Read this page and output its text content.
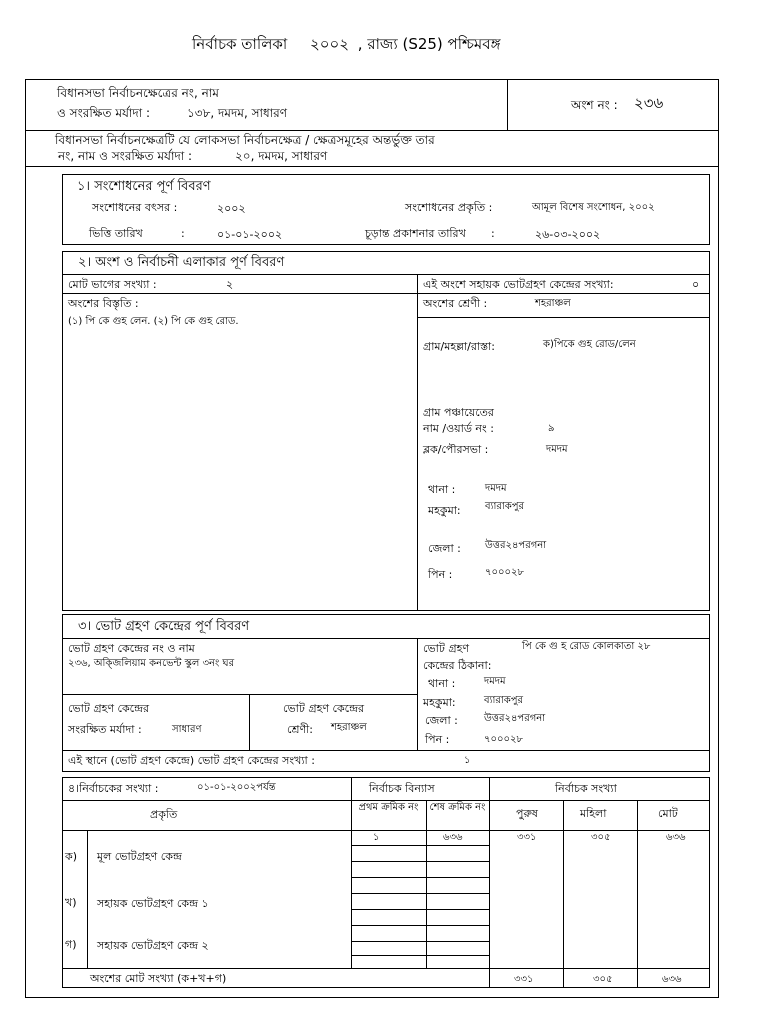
নির্বাচক তালিকা ২০০২ , রাজ্য (S25) পশ্চিমবঙ্গ
বিধানসভা নির্বাচনক্ষেত্রের নং, নাম
ও সংরক্ষিত মর্যাদা :	১৩৮, দমদম, সাধারণ
অংশ নং : ২৩৬
বিধানসভা নির্বাচনক্ষেত্রটি যে লোকসভা নির্বাচনক্ষেত্র / ক্ষেত্রসমূহের অন্তর্ভুক্ত তার
নং, নাম ও সংরক্ষিত মর্যাদা :	২০, দমদম, সাধারণ
১। সংশোধনের পূর্ণ বিবরণ
সংশোধনের বৎসর :	২০০২	সংশোধনের প্রকৃতি :	আমূল বিশেষ সংশোধন, ২০০২
ভিত্তি তারিখ	:	০১-০১-২০০২	চূড়ান্ত প্রকাশনার তারিখ :	২৬-০৩-২০০২
২। অংশ ও নির্বাচনী এলাকার পূর্ণ বিবরণ
মোট ভাগের সংখ্যা :	২	এই অংশে সহায়ক ভোটগ্রহণ কেন্দ্রের সংখ্যা:	০
অংশের বিস্তৃতি :
(১) পি কে গুহ লেন. (২) পি কে গুহ রোড.
অংশের শ্রেণী :	শহরাঞ্চল
গ্রাম/মহল্লা/রাস্তা:	ক)পিকে গুহ রোড/লেন
গ্রাম পঞ্চায়েতের
নাম /ওয়ার্ড নং :	৯
ব্লক/পৌরসভা :	দমদম
থানা :	দমদম
মহকুমা: ব্যারাকপুর
জেলা : উত্তর২৪পরগনা
পিন :	৭০০০২৮
৩। ভোট গ্রহণ কেন্দ্রের পূর্ণ বিবরণ
ভোট গ্রহণ কেন্দ্রের নং ও নাম
২৩৬, অক্জিলিয়াম কনভেন্ট স্কুল ৩নং ঘর
ভোট গ্রহণ
কেন্দ্রের ঠিকানা:
পি কে গু হ রোড কোলকাতা ২৮
থানা :	দমদম
মহকুমা:	ব্যারাকপুর
জেলা :	উত্তর২৪পরগনা
পিন :	৭০০০২৮
ভোট গ্রহণ কেন্দ্রের
সংরক্ষিত মর্যাদা :	সাধারণ
ভোট গ্রহণ কেন্দ্রের
শ্রেণী: শহরাঞ্চল
এই স্থানে (ভোট গ্রহণ কেন্দ্রে) ভোট গ্রহণ কেন্দ্রের সংখ্যা :	১
৪।নির্বাচকের সংখ্যা :	০১-০১-২০০২পর্যন্ত	নির্বাচক বিন্যাস	নির্বাচক সংখ্যা
প্রকৃতি
প্রথম ক্রমিক নং	শেষ ক্রমিক নং	পুরুষ	মহিলা	মোট
ক) মূল ভোটগ্রহণ কেন্দ্র
১	৬৩৬	৩৩১	৩০৫	৬৩৬
খ) সহায়ক ভোটগ্রহণ কেন্দ্র ১
গ) সহায়ক ভোটগ্রহণ কেন্দ্র ২
অংশের মোট সংখ্যা (ক+খ+গ)	৩৩১	৩০৫	৬৩৬
